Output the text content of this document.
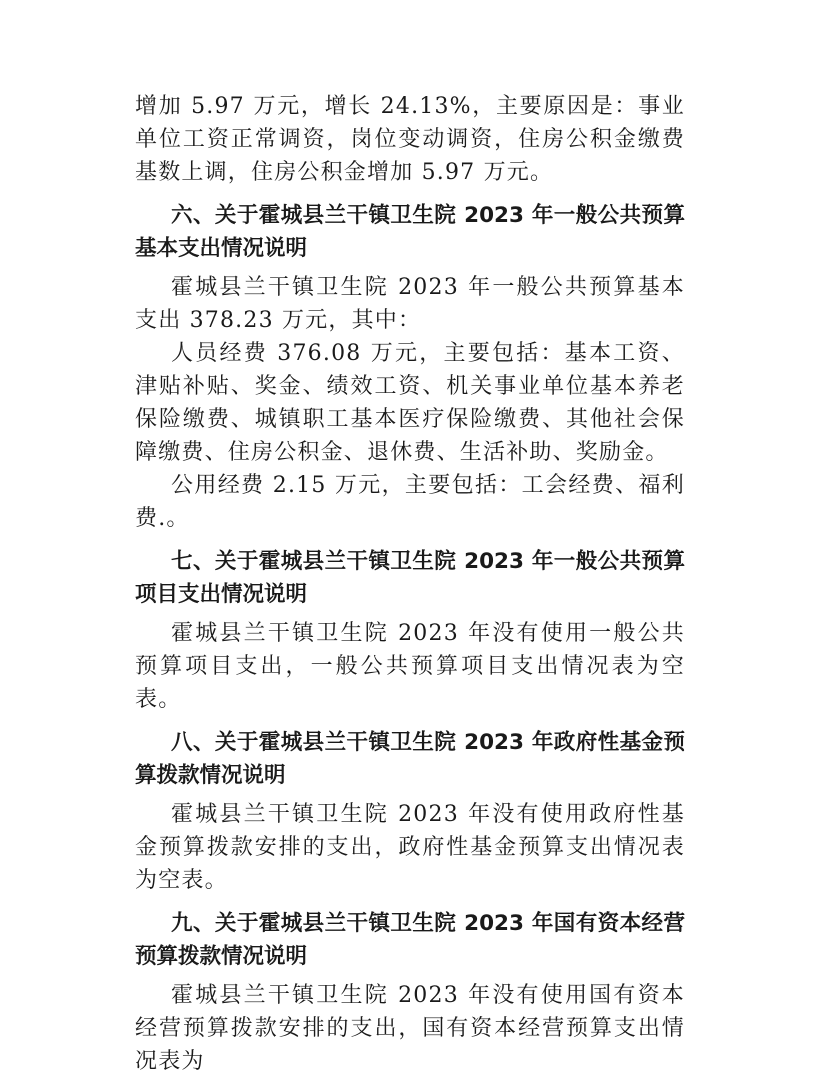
增加 5.97 万元，增长 24.13%，主要原因是：事业单位工资正常调资，岗位变动调资，住房公积金缴费基数上调，住房公积金增加 5.97 万元。

六、关于霍城县兰干镇卫生院 2023 年一般公共预算基本支出情况说明

霍城县兰干镇卫生院 2023 年一般公共预算基本支出 378.23 万元，其中：

人员经费 376.08 万元，主要包括：基本工资、津贴补贴、奖金、绩效工资、机关事业单位基本养老保险缴费、城镇职工基本医疗保险缴费、其他社会保障缴费、住房公积金、退休费、生活补助、奖励金。

公用经费 2.15 万元，主要包括：工会经费、福利费.。

七、关于霍城县兰干镇卫生院 2023 年一般公共预算项目支出情况说明

霍城县兰干镇卫生院 2023 年没有使用一般公共预算项目支出，一般公共预算项目支出情况表为空表。

八、关于霍城县兰干镇卫生院 2023 年政府性基金预算拨款情况说明

霍城县兰干镇卫生院 2023 年没有使用政府性基金预算拨款安排的支出，政府性基金预算支出情况表为空表。

九、关于霍城县兰干镇卫生院 2023 年国有资本经营预算拨款情况说明

霍城县兰干镇卫生院 2023 年没有使用国有资本经营预算拨款安排的支出，国有资本经营预算支出情况表为
